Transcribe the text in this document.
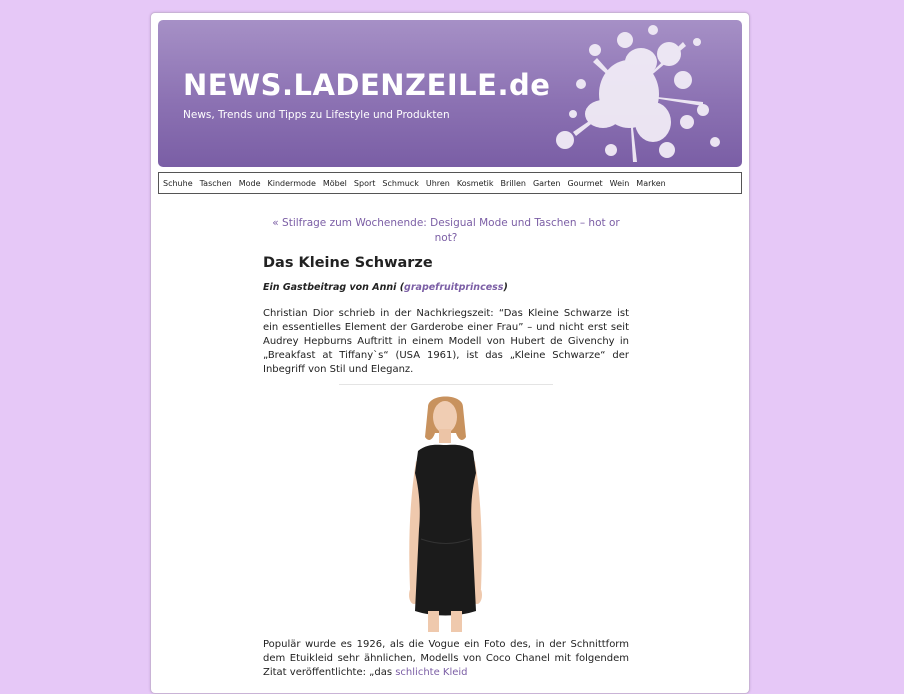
NEWS.LADENZEILE.de

News, Trends und Tipps zu Lifestyle und Produkten

Schuhe Taschen Mode Kindermode Möbel Sport Schmuck Uhren Kosmetik Brillen Garten Gourmet Wein Marken
« Stilfrage zum Wochenende: Desigual Mode und Taschen – hot or not?
Das Kleine Schwarze

Ein Gastbeitrag von Anni (grapefruitprincess)

Christian Dior schrieb in der Nachkriegszeit: “Das Kleine Schwarze ist ein essentielles Element der Garderobe einer Frau” – und nicht erst seit Audrey Hepburns Auftritt in einem Modell von Hubert de Givenchy in „Breakfast at Tiffany`s“ (USA 1961), ist das „Kleine Schwarze“ der Inbegriff von Stil und Eleganz.

Populär wurde es 1926, als die Vogue ein Foto des, in der Schnittform dem Etuikleid sehr ähnlichen, Modells von Coco Chanel mit folgendem Zitat veröffentlichte: „das schlichte Kleid
